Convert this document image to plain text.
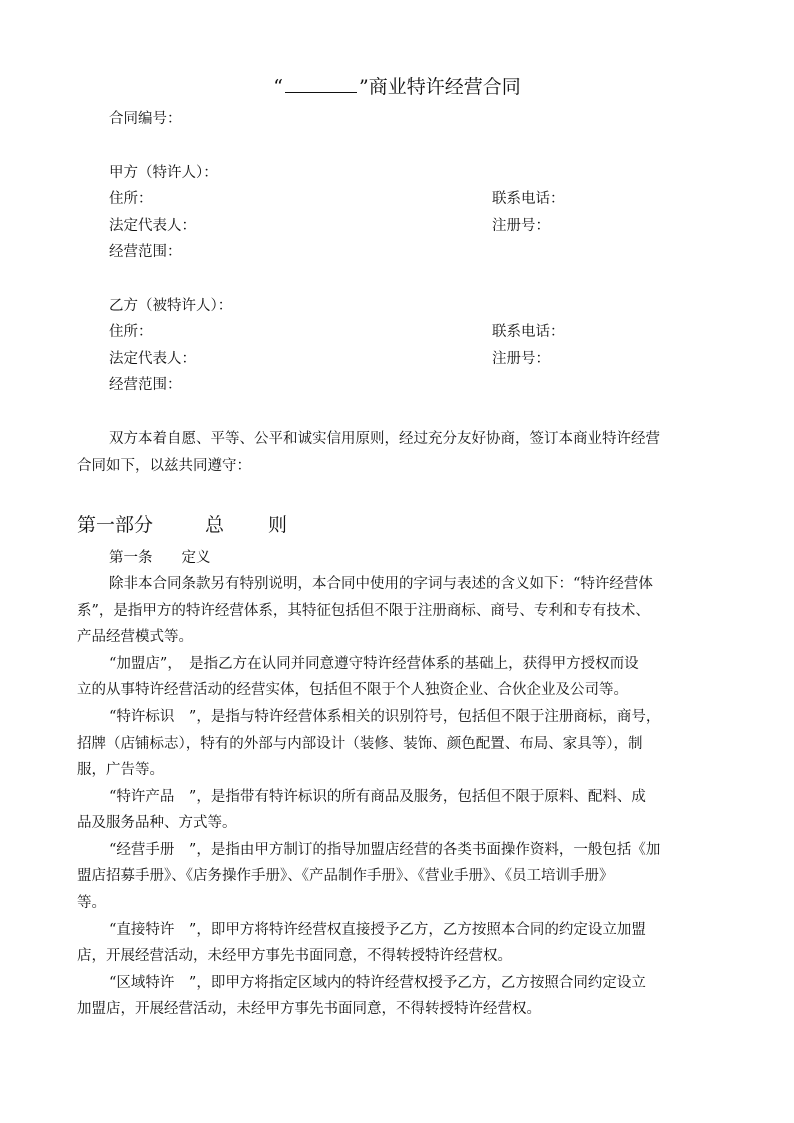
“	”商业特许经营合同
合同编号：
甲方（特许人）：
住所：	联系电话：
法定代表人：	注册号：
经营范围：
乙方（被特许人）：
住所：	联系电话：
法定代表人：	注册号：
经营范围：
双方本着自愿、平等、公平和诚实信用原则，经过充分友好协商，签订本商业特许经营
合同如下，以兹共同遵守：
第一部分	总 则
第一条　　定义
除非本合同条款另有特别说明，本合同中使用的字词与表述的含义如下：“特许经营体
系”，是指甲方的特许经营体系，其特征包括但不限于注册商标、商号、专利和专有技术、
产品经营模式等。
“加盟店”，　是指乙方在认同并同意遵守特许经营体系的基础上，获得甲方授权而设
立的从事特许经营活动的经营实体，包括但不限于个人独资企业、合伙企业及公司等。
“特许标识　”，是指与特许经营体系相关的识别符号，包括但不限于注册商标，商号，
招牌（店铺标志），特有的外部与内部设计（装修、装饰、颜色配置、布局、家具等），制
服，广告等。
“特许产品　”，是指带有特许标识的所有商品及服务，包括但不限于原料、配料、成
品及服务品种、方式等。
“经营手册　”，是指由甲方制订的指导加盟店经营的各类书面操作资料，一般包括《加
盟店招募手册》、《店务操作手册》、《产品制作手册》、《营业手册》、《员工培训手册》
等。
“直接特许　”，即甲方将特许经营权直接授予乙方，乙方按照本合同的约定设立加盟
店，开展经营活动，未经甲方事先书面同意，不得转授特许经营权。
“区域特许　”，即甲方将指定区域内的特许经营权授予乙方，乙方按照合同约定设立
加盟店，开展经营活动，未经甲方事先书面同意，不得转授特许经营权。
